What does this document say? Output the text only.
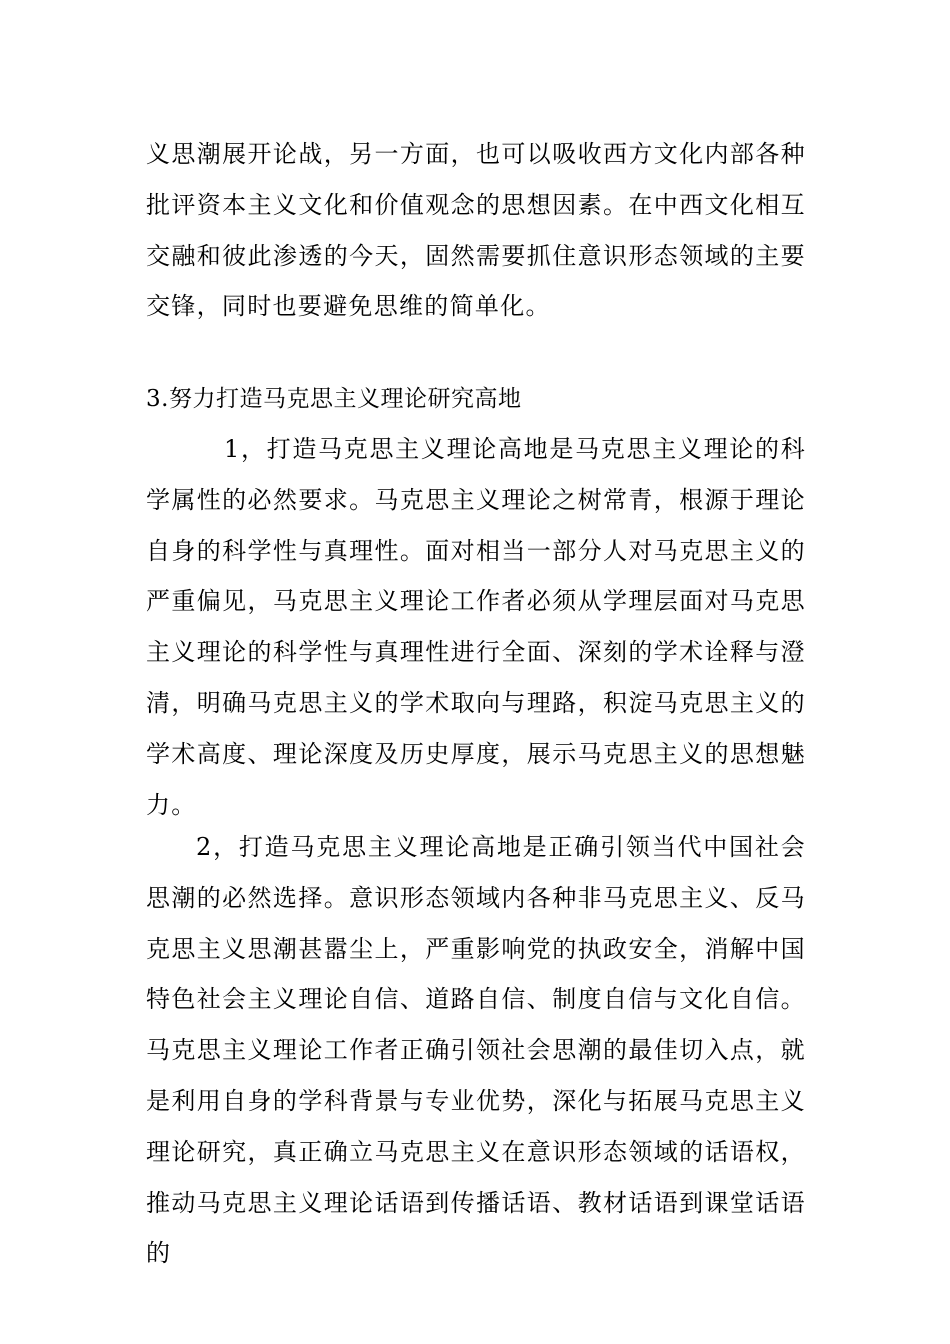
义思潮展开论战，另一方面，也可以吸收西方文化内部各种批评资本主义文化和价值观念的思想因素。在中西文化相互交融和彼此渗透的今天，固然需要抓住意识形态领域的主要交锋，同时也要避免思维的简单化。

3.努力打造马克思主义理论研究高地

1，打造马克思主义理论高地是马克思主义理论的科学属性的必然要求。马克思主义理论之树常青，根源于理论自身的科学性与真理性。面对相当一部分人对马克思主义的严重偏见，马克思主义理论工作者必须从学理层面对马克思主义理论的科学性与真理性进行全面、深刻的学术诠释与澄清，明确马克思主义的学术取向与理路，积淀马克思主义的学术高度、理论深度及历史厚度，展示马克思主义的思想魅力。

2，打造马克思主义理论高地是正确引领当代中国社会思潮的必然选择。意识形态领域内各种非马克思主义、反马克思主义思潮甚嚣尘上，严重影响党的执政安全，消解中国特色社会主义理论自信、道路自信、制度自信与文化自信。马克思主义理论工作者正确引领社会思潮的最佳切入点，就是利用自身的学科背景与专业优势，深化与拓展马克思主义理论研究，真正确立马克思主义在意识形态领域的话语权，推动马克思主义理论话语到传播话语、教材话语到课堂话语的
